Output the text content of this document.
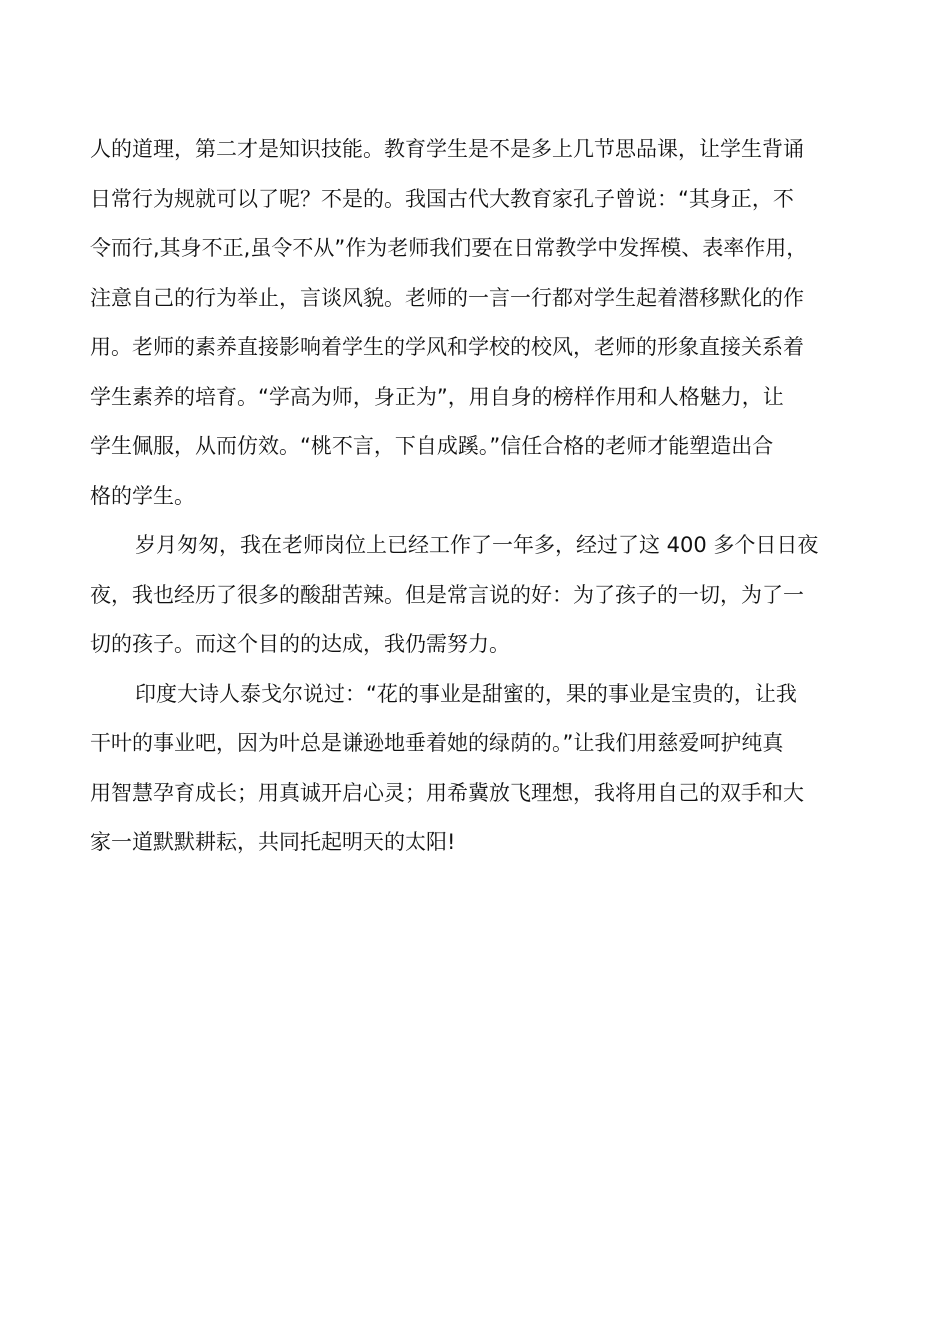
人的道理，第二才是知识技能。教育学生是不是多上几节思品课，让学生背诵
日常行为规就可以了呢？不是的。我国古代大教育家孔子曾说：“其身正，不
令而行,其身不正,虽令不从”作为老师我们要在日常教学中发挥模、表率作用，
注意自己的行为举止，言谈风貌。老师的一言一行都对学生起着潜移默化的作
用。老师的素养直接影响着学生的学风和学校的校风，老师的形象直接关系着
学生素养的培育。“学高为师，身正为”，用自身的榜样作用和人格魅力，让
学生佩服，从而仿效。“桃不言，下自成蹊。”信任合格的老师才能塑造出合
格的学生。
岁月匆匆，我在老师岗位上已经工作了一年多，经过了这 400 多个日日夜
夜，我也经历了很多的酸甜苦辣。但是常言说的好：为了孩子的一切，为了一
切的孩子。而这个目的的达成，我仍需努力。
印度大诗人泰戈尔说过：“花的事业是甜蜜的，果的事业是宝贵的，让我
干叶的事业吧，因为叶总是谦逊地垂着她的绿荫的。”让我们用慈爱呵护纯真
用智慧孕育成长；用真诚开启心灵；用希冀放飞理想，我将用自己的双手和大
家一道默默耕耘，共同托起明天的太阳!
